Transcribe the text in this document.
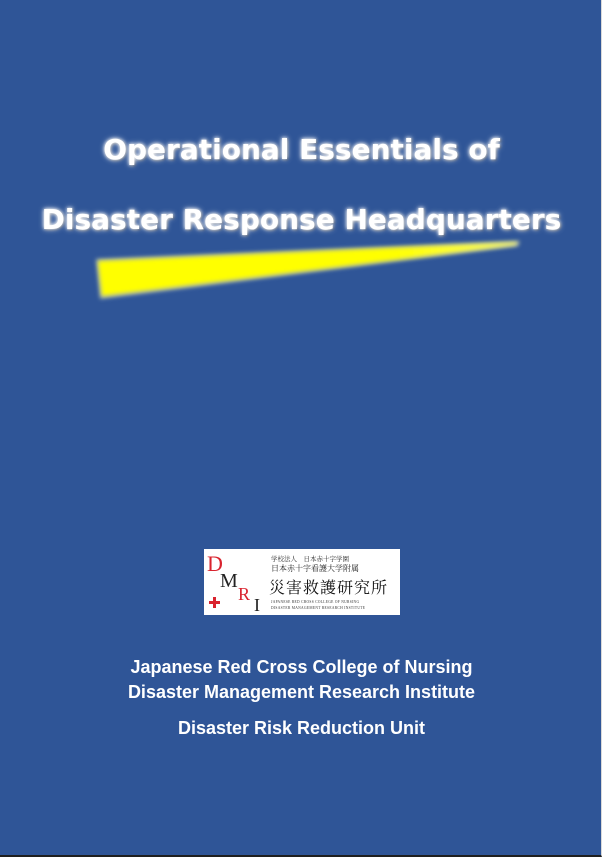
Operational Essentials of
Disaster Response Headquarters
D
M
R
I
学校法人　日本赤十字学園
日本赤十字看護大学附属
災害救護研究所
JAPANESE RED CROSS COLLEGE OF NURSING
DISASTER MANAGEMENT RESEARCH INSTITUTE
Japanese Red Cross College of Nursing
Disaster Management Research Institute
Disaster Risk Reduction Unit
